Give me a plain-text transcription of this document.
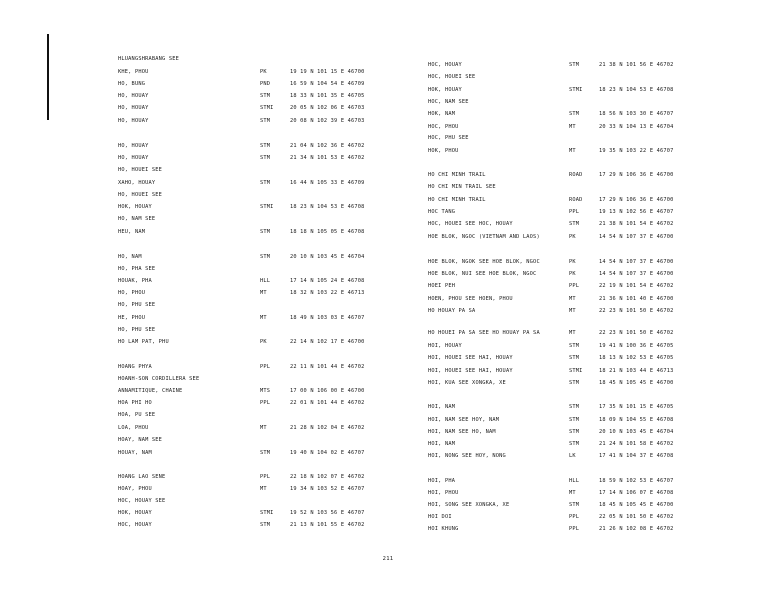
HLUANGSHRABANG SEE
KHE, PHOU	PK	19 19 N 101 15 E 46700
HO, BUNG	PND	16 59 N 104 54 E 46709
HO, HOUAY	STM	18 33 N 101 35 E 46705
HO, HOUAY	STMI	20 05 N 102 06 E 46703
HO, HOUAY	STM	20 08 N 102 39 E 46703
HO, HOUAY	STM	21 04 N 102 36 E 46702
HO, HOUAY	STM	21 34 N 101 53 E 46702
HO, HOUEI SEE
XAHO, HOUAY	STM	16 44 N 105 33 E 46709
HO, HOUEI SEE
HOK, HOUAY	STMI	18 23 N 104 53 E 46708
HO, NAM SEE
HEU, NAM	STM	18 18 N 105 05 E 46708
HO, NAM	STM	20 10 N 103 45 E 46704
HO, PHA SEE
HOUAK, PHA	HLL	17 14 N 105 24 E 46708
HO, PHOU	MT	18 32 N 103 22 E 46713
HO, PHU SEE
HE, PHOU	MT	18 49 N 103 03 E 46707
HO, PHU SEE
HO LAM PAT, PHU	PK	22 14 N 102 17 E 46700
HOANG PHYA	PPL	22 11 N 101 44 E 46702
HOANH-SON CORDILLERA SEE
ANNAMITIQUE, CHAINE	MTS	17 00 N 106 00 E 46700
HOA PHI HO	PPL	22 01 N 101 44 E 46702
HOA, PU SEE
LOA, PHOU	MT	21 28 N 102 04 E 46702
HOAY, NAM SEE
HOUAY, NAM	STM	19 40 N 104 02 E 46707
HOANG LAO SENE	PPL	22 18 N 102 07 E 46702
HOAY, PHOU	MT	19 34 N 103 52 E 46707
HOC, HOUAY SEE
HOK, HOUAY	STMI	19 52 N 103 56 E 46707
HOC, HOUAY	STM	21 13 N 101 55 E 46702
HOC, HOUAY	STM	21 38 N 101 56 E 46702
HOC, HOUEI SEE
HOK, HOUAY	STMI	18 23 N 104 53 E 46708
HOC, NAM SEE
HOK, NAM	STM	18 56 N 103 30 E 46707
HOC, PHOU	MT	20 33 N 104 13 E 46704
HOC, PHU SEE
HOK, PHOU	MT	19 35 N 103 22 E 46707
HO CHI MINH TRAIL	ROAD	17 29 N 106 36 E 46700
HO CHI MIN TRAIL SEE
HO CHI MINH TRAIL	ROAD	17 29 N 106 36 E 46700
HOC TANG	PPL	19 13 N 102 56 E 46707
HOC, HOUEI SEE HOC, HOUAY	STM	21 38 N 101 54 E 46702
HOE BLOK, NGOC (VIETNAM AND LAOS)	PK	14 54 N 107 37 E 46700
HOE BLOK, NGOK SEE HOE BLOK, NGOC	PK	14 54 N 107 37 E 46700
HOE BLOK, NUI SEE HOE BLOK, NGOC	PK	14 54 N 107 37 E 46700
HOEI PEH	PPL	22 19 N 101 54 E 46702
HOEN, PHOU SEE HOEN, PHOU	MT	21 36 N 101 40 E 46700
HO HOUAY PA SA	MT	22 23 N 101 50 E 46702
HO HOUEI PA SA SEE HO HOUAY PA SA	MT	22 23 N 101 50 E 46702
HOI, HOUAY	STM	19 41 N 100 36 E 46705
HOI, HOUEI SEE HAI, HOUAY	STM	18 13 N 102 53 E 46705
HOI, HOUEI SEE HAI, HOUAY	STMI	18 21 N 103 44 E 46713
HOI, KUA SEE XONGKA, XE	STM	18 45 N 105 45 E 46700
HOI, NAM	STM	17 35 N 101 15 E 46705
HOI, NAM SEE HOY, NAM	STM	18 09 N 104 55 E 46708
HOI, NAM SEE HO, NAM	STM	20 10 N 103 45 E 46704
HOI, NAM	STM	21 24 N 101 58 E 46702
HOI, NONG SEE HOY, NONG	LK	17 41 N 104 37 E 46708
HOI, PHA	HLL	18 59 N 102 53 E 46707
HOI, PHOU	MT	17 14 N 106 07 E 46708
HOI, SONG SEE XONGKA, XE	STM	18 45 N 105 45 E 46700
HOI DOI	PPL	22 05 N 101 50 E 46702
HOI KHUNG	PPL	21 26 N 102 08 E 46702
211
